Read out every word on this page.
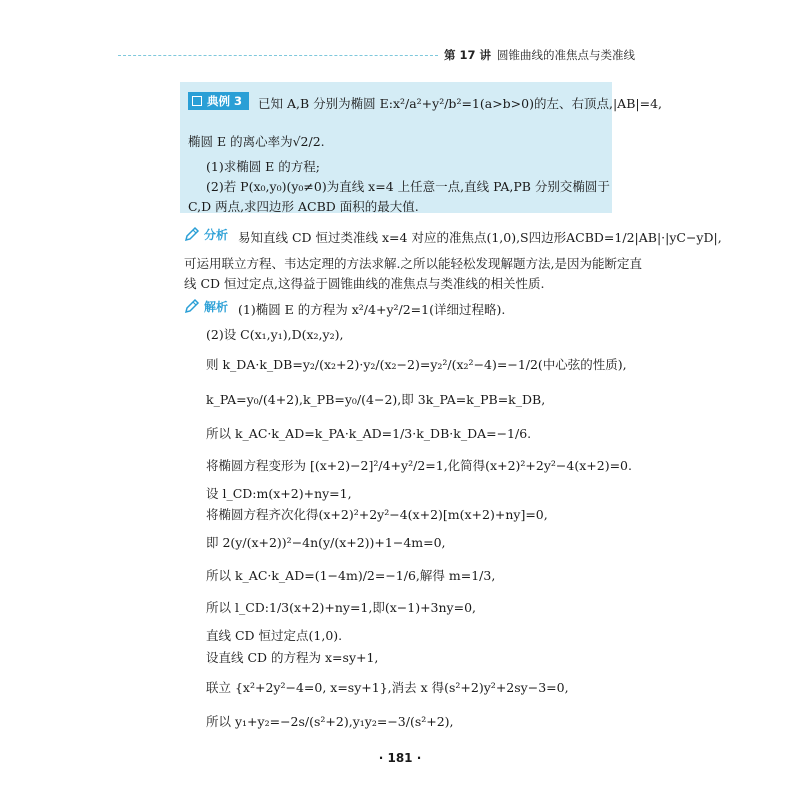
第 17 讲 圆锥曲线的准焦点与类准线
典例 3	已知 A,B 分别为椭圆 E:x²/a²+y²/b²=1(a>b>0)的左、右顶点,|AB|=4,
椭圆 E 的离心率为√2/2.
(1)求椭圆 E 的方程;
(2)若 P(x₀,y₀)(y₀≠0)为直线 x=4 上任意一点,直线 PA,PB 分别交椭圆于
C,D 两点,求四边形 ACBD 面积的最大值.
分析 易知直线 CD 恒过类准线 x=4 对应的准焦点(1,0),S四边形ACBD=1/2|AB|·|yC−yD|,
可运用联立方程、韦达定理的方法求解.之所以能轻松发现解题方法,是因为能断定直
线 CD 恒过定点,这得益于圆锥曲线的准焦点与类准线的相关性质.
解析 (1)椭圆 E 的方程为 x²/4+y²/2=1(详细过程略).
(2)设 C(x₁,y₁),D(x₂,y₂),
则 k_DA·k_DB=y₂/(x₂+2)·y₂/(x₂−2)=y₂²/(x₂²−4)=−1/2(中心弦的性质),
k_PA=y₀/(4+2),k_PB=y₀/(4−2),即 3k_PA=k_PB=k_DB,
所以 k_AC·k_AD=k_PA·k_AD=1/3·k_DB·k_DA=−1/6.
将椭圆方程变形为 [(x+2)−2]²/4+y²/2=1,化简得(x+2)²+2y²−4(x+2)=0.
设 l_CD:m(x+2)+ny=1,
将椭圆方程齐次化得(x+2)²+2y²−4(x+2)[m(x+2)+ny]=0,
即 2(y/(x+2))²−4n(y/(x+2))+1−4m=0,
所以 k_AC·k_AD=(1−4m)/2=−1/6,解得 m=1/3,
所以 l_CD:1/3(x+2)+ny=1,即(x−1)+3ny=0,
直线 CD 恒过定点(1,0).
设直线 CD 的方程为 x=sy+1,
联立 {x²+2y²−4=0, x=sy+1},消去 x 得(s²+2)y²+2sy−3=0,
所以 y₁+y₂=−2s/(s²+2),y₁y₂=−3/(s²+2),
· 181 ·
